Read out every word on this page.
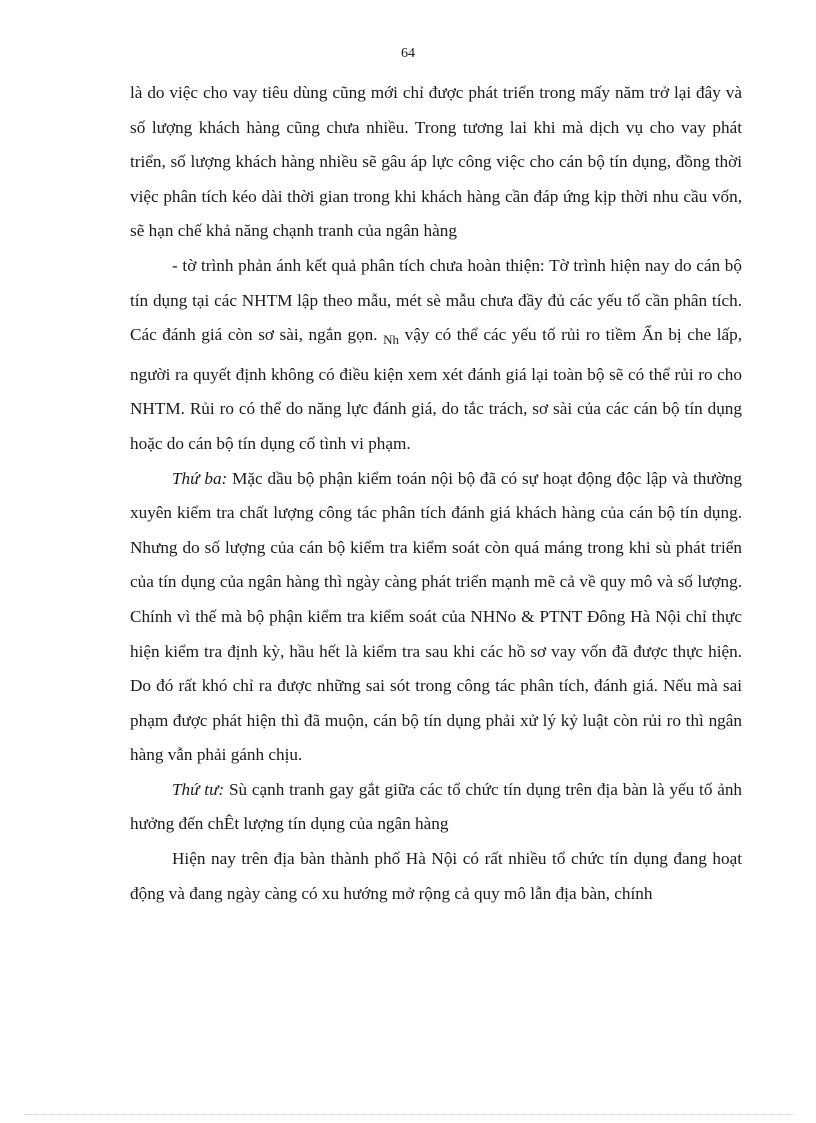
64

là do việc cho vay tiêu dùng cũng mới chỉ được phát triển trong mấy năm trở lại đây và số lượng khách hàng cũng chưa nhiều. Trong tương lai khi mà dịch vụ cho vay phát triển, số lượng khách hàng nhiều sẽ gâu áp lực công việc cho cán bộ tín dụng, đồng thời việc phân tích kéo dài thời gian trong khi khách hàng cần đáp ứng kịp thời nhu cầu vốn, sẽ hạn chế khả năng chạnh tranh của ngân hàng

- tờ trình phản ánh kết quả phân tích chưa hoàn thiện: Tờ trình hiện nay do cán bộ tín dụng tại các NHTM lập theo mẫu, mét sè mẫu chưa đầy đủ các yếu tố cần phân tích. Các đánh giá còn sơ sài, ngắn gọn. $_{Nh}$ vậy có thể các yếu tố rủi ro tiềm Ẩn bị che lấp, người ra quyết định không có điều kiện xem xét đánh giá lại toàn bộ sẽ có thể rủi ro cho NHTM. Rủi ro có thể do năng lực đánh giá, do tắc trách, sơ sài của các cán bộ tín dụng hoặc do cán bộ tín dụng cố tình vi phạm.

Thứ ba: Mặc dầu bộ phận kiểm toán nội bộ đã có sự hoạt động độc lập và thường xuyên kiểm tra chất lượng công tác phân tích đánh giá khách hàng của cán bộ tín dụng. Nhưng do số lượng của cán bộ kiểm tra kiểm soát còn quá máng trong khi sù phát triển của tín dụng của ngân hàng thì ngày càng phát triển mạnh mẽ cả về quy mô và số lượng. Chính vì thế mà bộ phận kiểm tra kiểm soát của NHNo & PTNT Đông Hà Nội chỉ thực hiện kiểm tra định kỳ, hầu hết là kiểm tra sau khi các hồ sơ vay vốn đã được thực hiện. Do đó rất khó chỉ ra được những sai sót trong công tác phân tích, đánh giá. Nếu mà sai phạm được phát hiện thì đã muộn, cán bộ tín dụng phải xử lý kỷ luật còn rủi ro thì ngân hàng vẫn phải gánh chịu.

Thứ tư: Sù cạnh tranh gay gắt giữa các tổ chức tín dụng trên địa bàn là yếu tố ảnh hưởng đến chÊt lượng tín dụng của ngân hàng

Hiện nay trên địa bàn thành phố Hà Nội có rất nhiều tổ chức tín dụng đang hoạt động và đang ngày càng có xu hướng mở rộng cả quy mô lẫn địa bàn, chính
